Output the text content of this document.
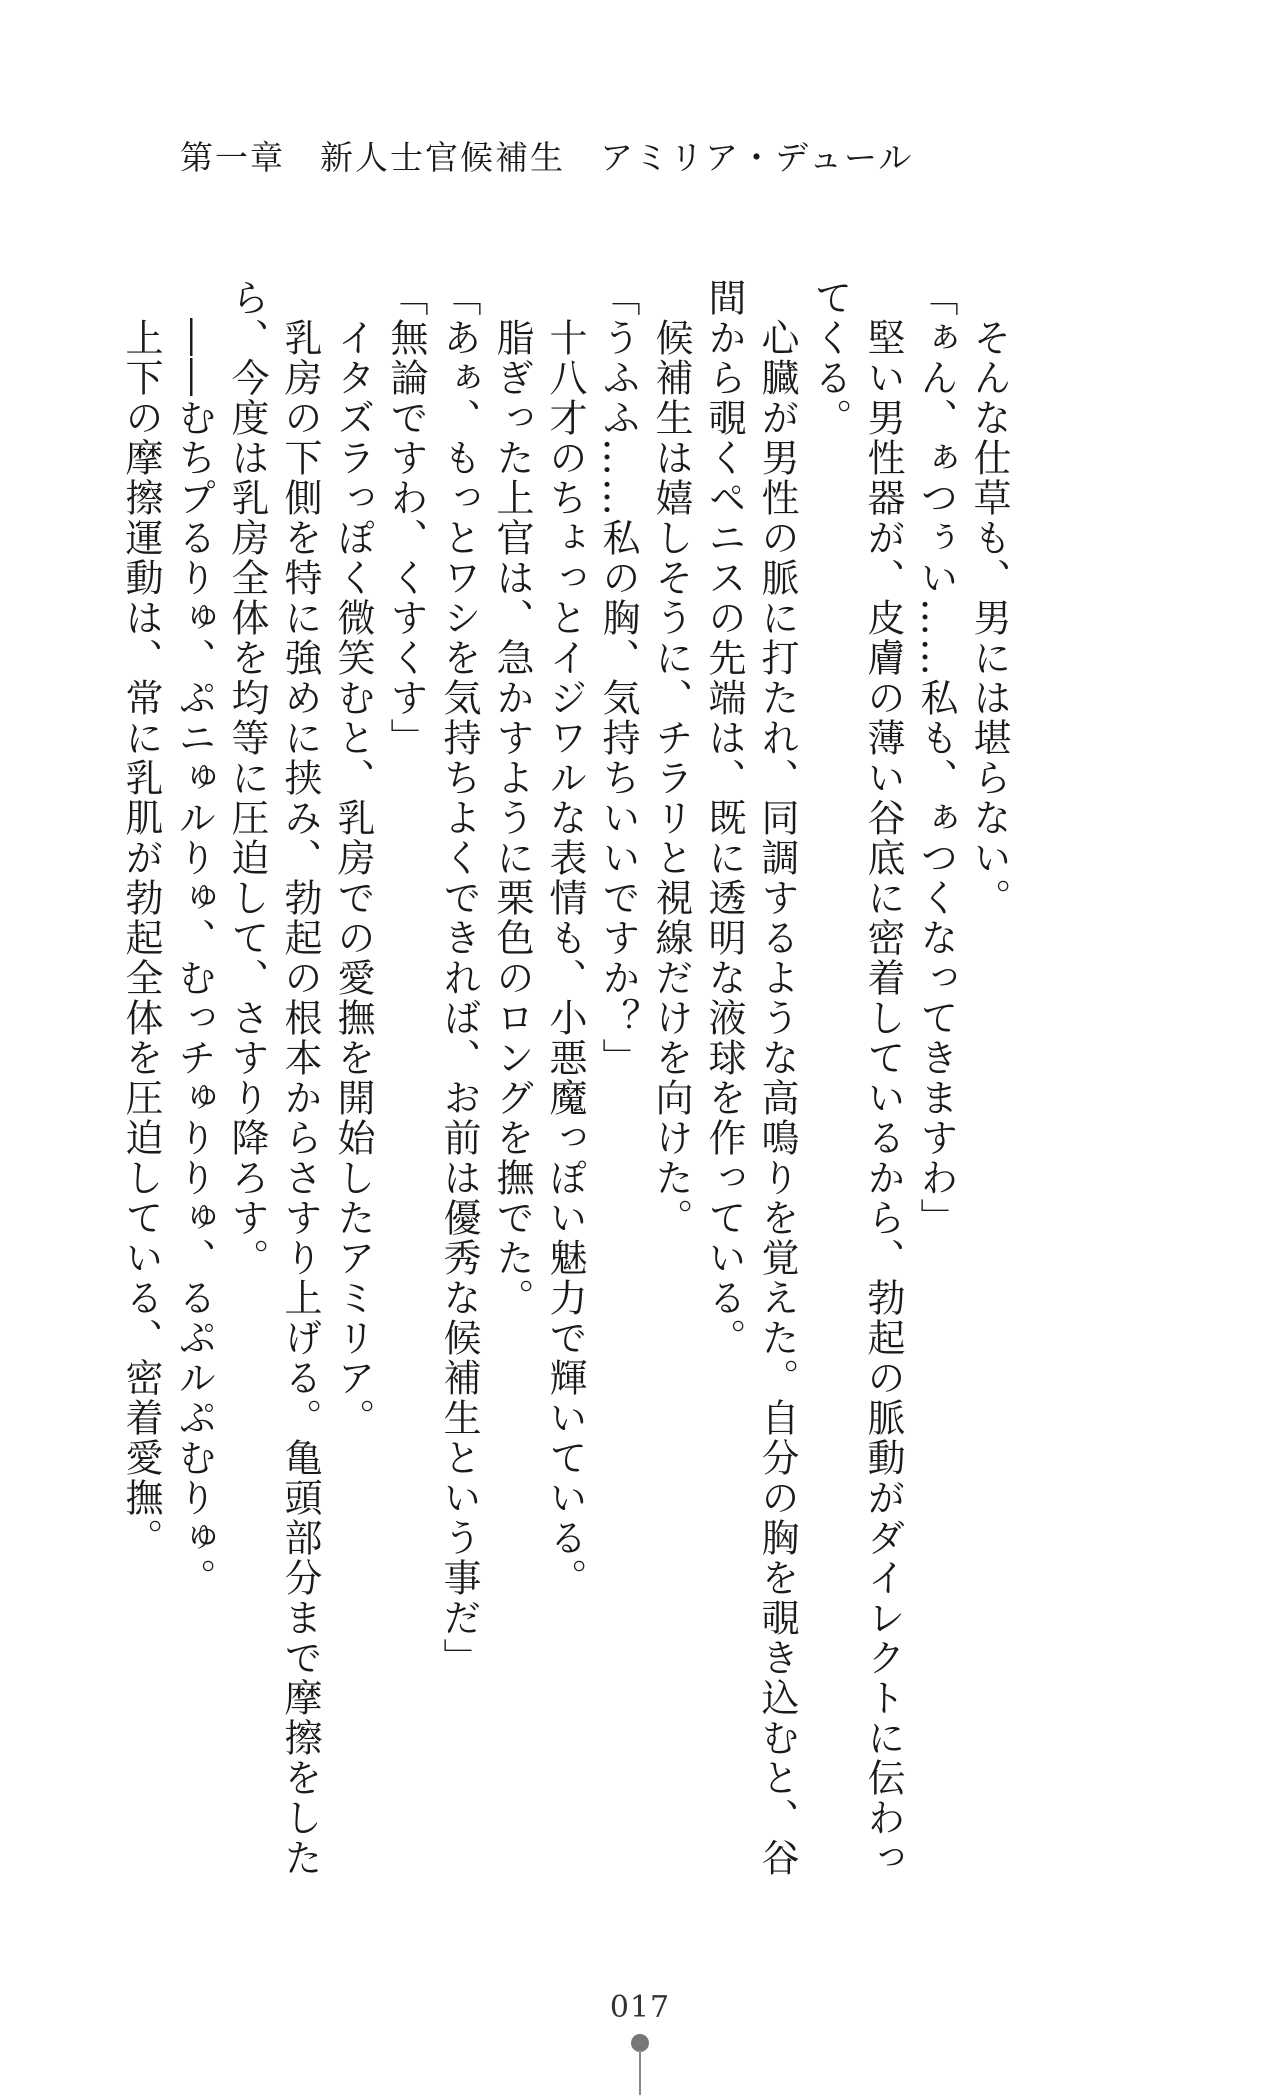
第一章　新人士官候補生　アミリア・デュール
　そんな仕草も、男には堪らない。
「ぁん、ぁつぅい……私も、ぁつくなってきますわ」
　堅い男性器が、皮膚の薄い谷底に密着しているから、勃起の脈動がダイレクトに伝わっ
てくる。
　心臓が男性の脈に打たれ、同調するような高鳴りを覚えた。自分の胸を覗き込むと、谷
間から覗くペニスの先端は、既に透明な液球を作っている。
　候補生は嬉しそうに、チラリと視線だけを向けた。
「うふふ……私の胸、気持ちいいですか？」
　十八才のちょっとイジワルな表情も、小悪魔っぽい魅力で輝いている。
　脂ぎった上官は、急かすように栗色のロングを撫でた。
「あぁ、もっとワシを気持ちよくできれば、お前は優秀な候補生という事だ」
「無論ですわ、くすくす」
　イタズラっぽく微笑むと、乳房での愛撫を開始したアミリア。
　乳房の下側を特に強めに挟み、勃起の根本からさすり上げる。亀頭部分まで摩擦をした
ら、今度は乳房全体を均等に圧迫して、さすり降ろす。
　――むちプるりゅ、ぷニゅルりゅ、むっチゅりりゅ、るぷルぷむりゅ。
　上下の摩擦運動は、常に乳肌が勃起全体を圧迫している、密着愛撫。
017
